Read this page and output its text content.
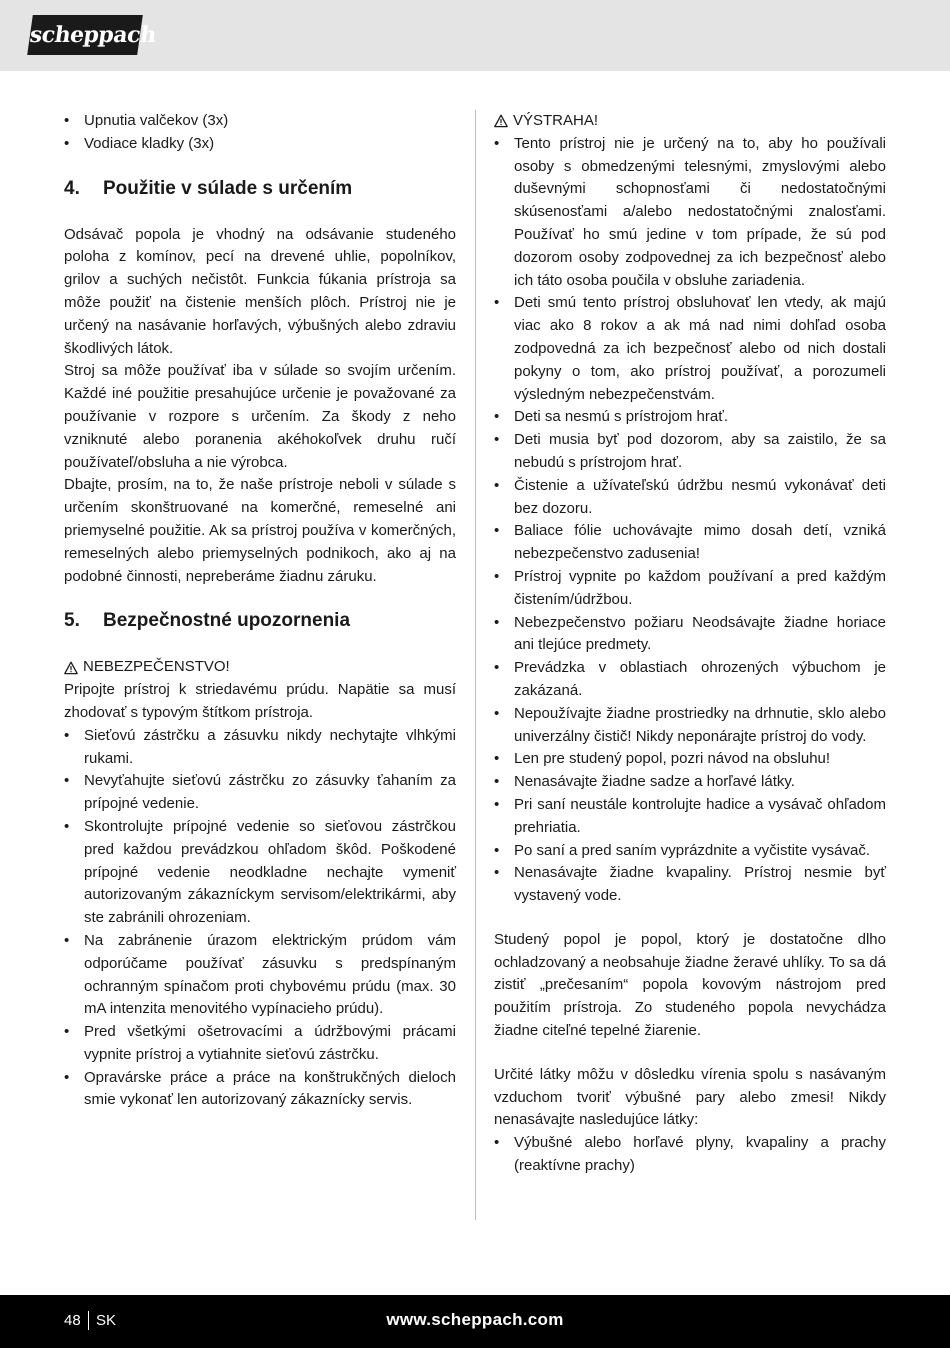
scheppach
• Upnutia valčekov (3x)
• Vodiace kladky (3x)
4.	Použitie v súlade s určením

Odsávač popola je vhodný na odsávanie studeného poloha z komínov, pecí na drevené uhlie, popolníkov, grilov a suchých nečistôt. Funkcia fúkania prístroja sa môže použiť na čistenie menších plôch. Prístroj nie je určený na nasávanie horľavých, výbušných alebo zdraviu škodlivých látok.

Stroj sa môže používať iba v súlade so svojím určením. Každé iné použitie presahujúce určenie je považované za používanie v rozpore s určením. Za škody z neho vzniknuté alebo poranenia akéhokoľvek druhu ručí používateľ/obsluha a nie výrobca.

Dbajte, prosím, na to, že naše prístroje neboli v súlade s určením skonštruované na komerčné, remeselné ani priemyselné použitie. Ak sa prístroj používa v komerčných, remeselných alebo priemyselných podnikoch, ako aj na podobné činnosti, nepreberáme žiadnu záruku.

5.	Bezpečnostné upozornenia
NEBEZPEČENSTVO!

Pripojte prístroj k striedavému prúdu. Napätie sa musí zhodovať s typovým štítkom prístroja.

• Sieťovú zástrčku a zásuvku nikdy nechytajte vlhkými rukami.
• Nevyťahujte sieťovú zástrčku zo zásuvky ťahaním za prípojné vedenie.
• Skontrolujte prípojné vedenie so sieťovou zástrčkou pred každou prevádzkou ohľadom škôd. Poškodené prípojné vedenie neodkladne nechajte vymeniť autorizovaným zákazníckym servisom/elektrikármi, aby ste zabránili ohrozeniam.
• Na zabránenie úrazom elektrickým prúdom vám odporúčame používať zásuvku s predspínaným ochranným spínačom proti chybovému prúdu (max. 30 mA intenzita menovitého vypínacieho prúdu).
• Pred všetkými ošetrovacími a údržbovými prácami vypnite prístroj a vytiahnite sieťovú zástrčku.
• Opravárske práce a práce na konštrukčných dieloch smie vykonať len autorizovaný zákaznícky servis.
VÝSTRAHA!
• Tento prístroj nie je určený na to, aby ho používali osoby s obmedzenými telesnými, zmyslovými alebo duševnými schopnosťami či nedostatočnými skúsenosťami a/alebo nedostatočnými znalosťami. Používať ho smú jedine v tom prípade, že sú pod dozorom osoby zodpovednej za ich bezpečnosť alebo ich táto osoba poučila v obsluhe zariadenia.
• Deti smú tento prístroj obsluhovať len vtedy, ak majú viac ako 8 rokov a ak má nad nimi dohľad osoba zodpovedná za ich bezpečnosť alebo od nich dostali pokyny o tom, ako prístroj používať, a porozumeli výsledným nebezpečenstvám.
• Deti sa nesmú s prístrojom hrať.
• Deti musia byť pod dozorom, aby sa zaistilo, že sa nebudú s prístrojom hrať.
• Čistenie a užívateľskú údržbu nesmú vykonávať deti bez dozoru.
• Baliace fólie uchovávajte mimo dosah detí, vzniká nebezpečenstvo zadusenia!
• Prístroj vypnite po každom používaní a pred každým čistením/údržbou.
• Nebezpečenstvo požiaru Neodsávajte žiadne horiace ani tlejúce predmety.
• Prevádzka v oblastiach ohrozených výbuchom je zakázaná.
• Nepoužívajte žiadne prostriedky na drhnutie, sklo alebo univerzálny čistič! Nikdy neponárajte prístroj do vody.
• Len pre studený popol, pozri návod na obsluhu!
• Nenasávajte žiadne sadze a horľavé látky.
• Pri saní neustále kontrolujte hadice a vysávač ohľadom prehriatia.
• Po saní a pred saním vyprázdnite a vyčistite vysávač.
• Nenasávajte žiadne kvapaliny. Prístroj nesmie byť vystavený vode.

Studený popol je popol, ktorý je dostatočne dlho ochladzovaný a neobsahuje žiadne žeravé uhlíky. To sa dá zistiť „prečesaním“ popola kovovým nástrojom pred použitím prístroja. Zo studeného popola nevychádza žiadne citeľné tepelné žiarenie.

Určité látky môžu v dôsledku vírenia spolu s nasávaným vzduchom tvoriť výbušné pary alebo zmesi! Nikdy nenasávajte nasledujúce látky:

• Výbušné alebo horľavé plyny, kvapaliny a prachy (reaktívne prachy)
48 SK	www.scheppach.com
